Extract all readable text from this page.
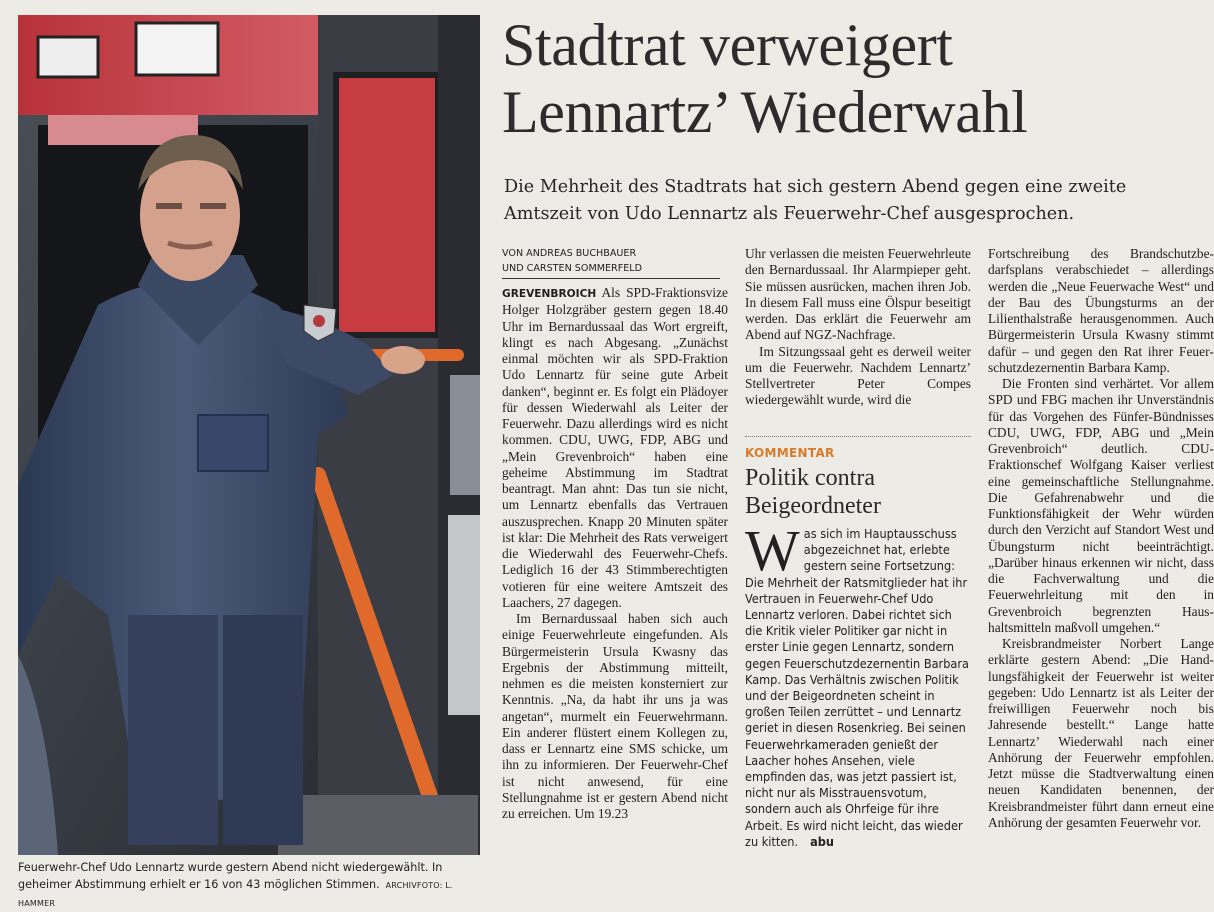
Feuerwehr-Chef Udo Lennartz wurde gestern Abend nicht wiedergewählt. In geheimer Abstimmung erhielt er 16 von 43 möglichen Stimmen. ARCHIVFOTO: L. HAMMER
Stadtrat verweigert
Lennartz’ Wiederwahl

Die Mehrheit des Stadtrats hat sich gestern Abend gegen eine zweite Amtszeit von Udo Lennartz als Feuerwehr-Chef ausgesprochen.

VON ANDREAS BUCHBAUER
UND CARSTEN SOMMERFELD

GREVENBROICH Als SPD-Fraktionsvize Holger Holzgräber gestern gegen 18.40 Uhr im Bernardussaal das Wort ergreift, klingt es nach Abgesang. „Zunächst einmal möchten wir als SPD-Fraktion Udo Lennartz für seine gute Arbeit danken“, beginnt er. Es folgt ein Plädoyer für dessen Wiederwahl als Leiter der Feuerwehr. Dazu allerdings wird es nicht kommen. CDU, UWG, FDP, ABG und „Mein Grevenbroich“ haben eine geheime Abstimmung im Stadtrat beantragt. Man ahnt: Das tun sie nicht, um Lennartz ebenfalls das Vertrauen auszusprechen. Knapp 20 Minuten später ist klar: Die Mehrheit des Rats verweigert die Wiederwahl des Feuerwehr-Chefs. Lediglich 16 der 43 Stimmberechtigten votieren für eine weitere Amtszeit des Laachers, 27 dagegen.

Im Bernardussaal haben sich auch einige Feuerwehrleute eingefunden. Als Bürgermeisterin Ursula Kwasny das Ergebnis der Abstimmung mitteilt, nehmen es die meisten konsterniert zur Kenntnis. „Na, da habt ihr uns ja was angetan“, murmelt ein Feuerwehrmann. Ein anderer flüstert einem Kollegen zu, dass er Lennartz eine SMS schicke, um ihn zu informieren. Der Feuerwehr-Chef ist nicht anwesend, für eine Stellungnahme ist er gestern Abend nicht zu erreichen. Um 19.23

Uhr verlassen die meisten Feuerwehrleute den Bernardussaal. Ihr Alarmpieper geht. Sie müssen ausrücken, machen ihren Job. In diesem Fall muss eine Ölspur beseitigt werden. Das erklärt die Feuerwehr am Abend auf NGZ-Nachfrage.

Im Sitzungssaal geht es derweil weiter um die Feuerwehr. Nachdem Lennartz’ Stellvertreter Peter Compes wiedergewählt wurde, wird die

KOMMENTAR
Politik contra
Beigeordneter

Was sich im Hauptausschuss abgezeichnet hat, erlebte gestern seine Fortsetzung: Die Mehrheit der Ratsmitglieder hat ihr Vertrauen in Feuerwehr-Chef Udo Lennartz verloren. Dabei richtet sich die Kritik vieler Politiker gar nicht in erster Linie gegen Lennartz, sondern gegen Feuerschutzdezernentin Barbara Kamp. Das Verhältnis zwischen Politik und der Beigeordneten scheint in großen Teilen zerrüttet – und Lennartz geriet in diesen Rosenkrieg. Bei seinen Feuerwehrkameraden genießt der Laacher hohes Ansehen, viele empfinden das, was jetzt passiert ist, nicht nur als Misstrauensvotum, sondern auch als Ohrfeige für ihre Arbeit. Es wird nicht leicht, das wieder zu kitten. abu

Fortschreibung des Brandschutzbedarfsplans verabschiedet – allerdings werden die „Neue Feuerwache West“ und der Bau des Übungsturms an der Lilienthalstraße herausgenommen. Auch Bürgermeisterin Ursula Kwasny stimmt dafür – und gegen den Rat ihrer Feuerschutzdezernentin Barbara Kamp.

Die Fronten sind verhärtet. Vor allem SPD und FBG machen ihr Unverständnis für das Vorgehen des Fünfer-Bündnisses CDU, UWG, FDP, ABG und „Mein Grevenbroich“ deutlich. CDU-Fraktionschef Wolfgang Kaiser verliest eine gemeinschaftliche Stellungnahme. Die Gefahrenabwehr und die Funktionsfähigkeit der Wehr würden durch den Verzicht auf Standort West und Übungsturm nicht beeinträchtigt. „Darüber hinaus erkennen wir nicht, dass die Fachverwaltung und die Feuerwehrleitung mit den in Grevenbroich begrenzten Haushaltsmitteln maßvoll umgehen.“

Kreisbrandmeister Norbert Lange erklärte gestern Abend: „Die Handlungsfähigkeit der Feuerwehr ist weiter gegeben: Udo Lennartz ist als Leiter der freiwilligen Feuerwehr noch bis Jahresende bestellt.“ Lange hatte Lennartz’ Wiederwahl nach einer Anhörung der Feuerwehr empfohlen. Jetzt müsse die Stadtverwaltung einen neuen Kandidaten benennen, der Kreisbrandmeister führt dann erneut eine Anhörung der gesamten Feuerwehr vor.
